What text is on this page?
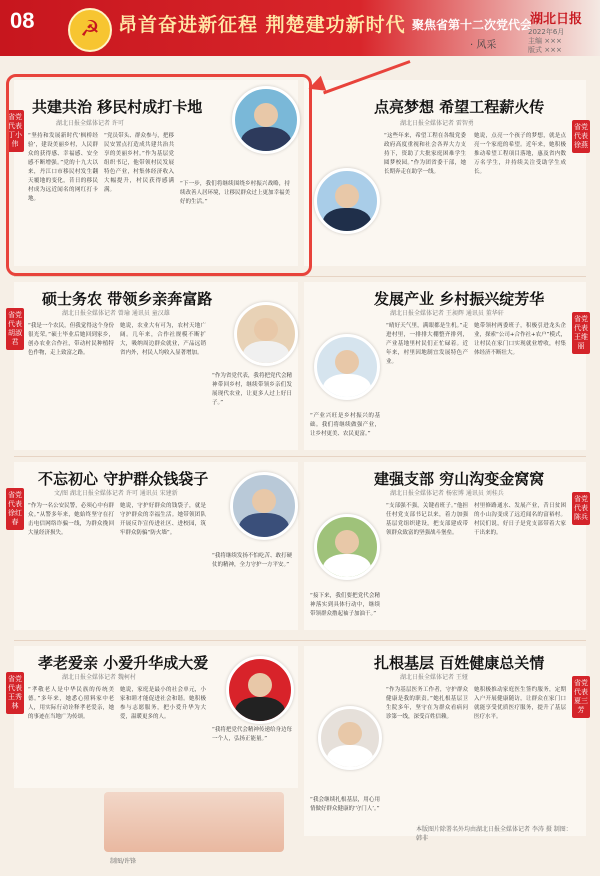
08	☭ 昂首奋进新征程 荆楚建功新时代 聚焦省第十二次党代会
· 风采
湖北日报
2022年6月
主编 ×××
版式 ×××
省党代表丁小伟
共建共治 移民村成打卡地
湖北日报全媒体记者 许可
“坚持和发展新时代‘枫桥经验’，建设美丽乡村，人民群众的获得感、幸福感、安全感不断增强。”党的十九大以来，丹江口市移民村发生翻天覆地的变化，昔日的移民村成为远近闻名的网红打卡地。
“党员带头、群众参与，把移民安置点打造成共建共治共享的美丽乡村。”作为基层党组织书记，他带领村民发展特色产业，村集体经济收入大幅提升，村民获得感满满。
“下一步，我们将继续围绕乡村振兴战略，持续改善人居环境，让移民群众过上更加幸福美好的生活。”
省党代表徐燕
点亮梦想 希望工程薪火传
湖北日报全媒体记者 雷智勇
“这些年来，希望工程在各级党委政府高度重视和社会各界大力支持下，资助了大批家庭困难学生圆梦校园。”作为团省委干部，她长期奔走在助学一线。
她说，点亮一个孩子的梦想，就是点亮一个家庭的希望。近年来，她积极推动希望工程项目落地，惠及省内数万名学生，并持续关注受助学生成长。
省党代表胡淑君
硕士务农 带领乡亲奔富路
湖北日报全媒体记者 曾瑜 通讯员 童汉雄
“我是一个农民，但我觉得这个身份很光荣。”硕士毕业后她回到家乡，创办农业合作社，带动村民种植特色作物，走上致富之路。
她说，农业大有可为，农村天地广阔。几年来，合作社规模不断扩大，吸纳周边群众就业，产品远销省内外，村民人均收入显著增加。
“作为省党代表，我将把党代会精神带回乡村，继续带领乡亲们发展现代农业，让更多人过上好日子。”
省党代表王维丽
发展产业 乡村振兴绽芳华
湖北日报全媒体记者 王昶辉 通讯员 董华轩
“晴好天气里，满眼都是生机。”走进村里，一排排大棚整齐排列，产业基地里村民们正忙碌着。近年来，村里因地制宜发展特色产业。
她带领村两委班子，积极引进龙头企业，探索“公司+合作社+农户”模式，让村民在家门口实现就业增收，村集体经济不断壮大。
“产业兴旺是乡村振兴的基础。我们将继续做强产业，让乡村更美、农民更富。”
省党代表徐红春
不忘初心 守护群众钱袋子
文/图 湖北日报全媒体记者 许可 通讯员 宋建新
“作为一名公安民警，必须心中有群众。”从警多年来，她始终坚守在打击电信网络诈骗一线，为群众挽回大量经济损失。
她说，守护好群众的钱袋子，就是守护群众的幸福生活。她带领团队开展反诈宣传进社区、进校园，筑牢群众防骗“防火墙”。
“我将继续发扬不怕吃苦、敢打硬仗的精神，全力守护一方平安。”
省党代表陈兵
建强支部 穷山沟变金窝窝
湖北日报全媒体记者 杨宏博 通讯员 刘桂兵
“支部强不强，关键看班子。”他担任村党支部书记以来，着力加强基层党组织建设，把支部建成带领群众致富的坚强战斗堡垒。
村里修路通水、发展产业，昔日贫困的小山沟变成了远近闻名的富裕村。村民们说，好日子是党支部带着大家干出来的。
“接下来，我们要把党代会精神落实到具体行动中，继续带领群众撸起袖子加油干。”
省党代表王秀林
孝老爱亲 小爱升华成大爱
湖北日报全媒体记者 魏柯村
“孝敬老人是中华民族的传统美德。”多年来，她悉心照料家中老人，用实际行动诠释孝老爱亲，她的事迹在当地广为传颂。
她说，家庭是最小的社会单元，小家和睦才能促进社会和谐。她积极参与志愿服务，把小爱升华为大爱，温暖更多的人。
“我将把党代会精神传递给身边每一个人，弘扬正能量。”
省党代表夏三芳
扎根基层 百姓健康总关情
湖北日报全媒体记者 王娅
“作为基层医务工作者，守护群众健康是我的职责。”她扎根基层卫生院多年，坚守在为群众看病问诊第一线，深受百姓信赖。
她积极推动家庭医生签约服务，定期入户开展健康随访，让群众在家门口就能享受优质医疗服务，提升了基层医疗水平。
“我会继续扎根基层，用心用情做好群众健康的‘守门人’。”
本版图片除署名外均由湖北日报全媒体记者 李涛 摄 制图：韩非
制图/许锋
